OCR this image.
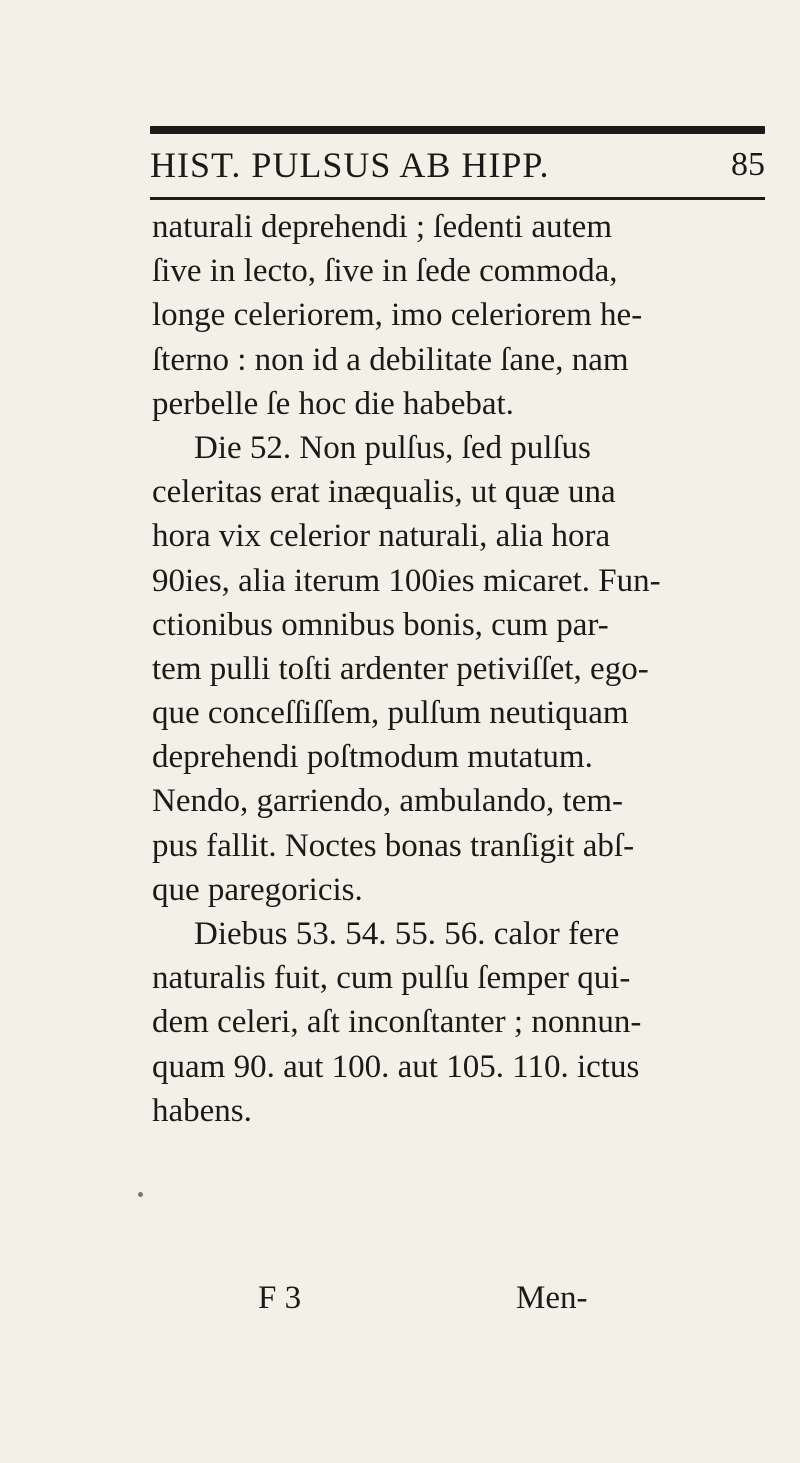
HIST. PULSUS AB HIPP.	85
naturali deprehendi ; ſedenti autem
ſive in lecto, ſive in ſede commoda,
longe celeriorem, imo celeriorem he-
ſterno : non id a debilitate ſane, nam
perbelle ſe hoc die habebat.
Die 52. Non pulſus, ſed pulſus
celeritas erat inæqualis, ut quæ una
hora vix celerior naturali, alia hora
90ies, alia iterum 100ies micaret. Fun-
ctionibus omnibus bonis, cum par-
tem pulli toſti ardenter petiviſſet, ego-
que conceſſiſſem, pulſum neutiquam
deprehendi poſtmodum mutatum.
Nendo, garriendo, ambulando, tem-
pus fallit. Noctes bonas tranſigit abſ-
que paregoricis.
Diebus 53. 54. 55. 56. calor fere
naturalis fuit, cum pulſu ſemper qui-
dem celeri, aſt inconſtanter ; nonnun-
quam 90. aut 100. aut 105. 110. ictus
habens.
F 3	Men-
